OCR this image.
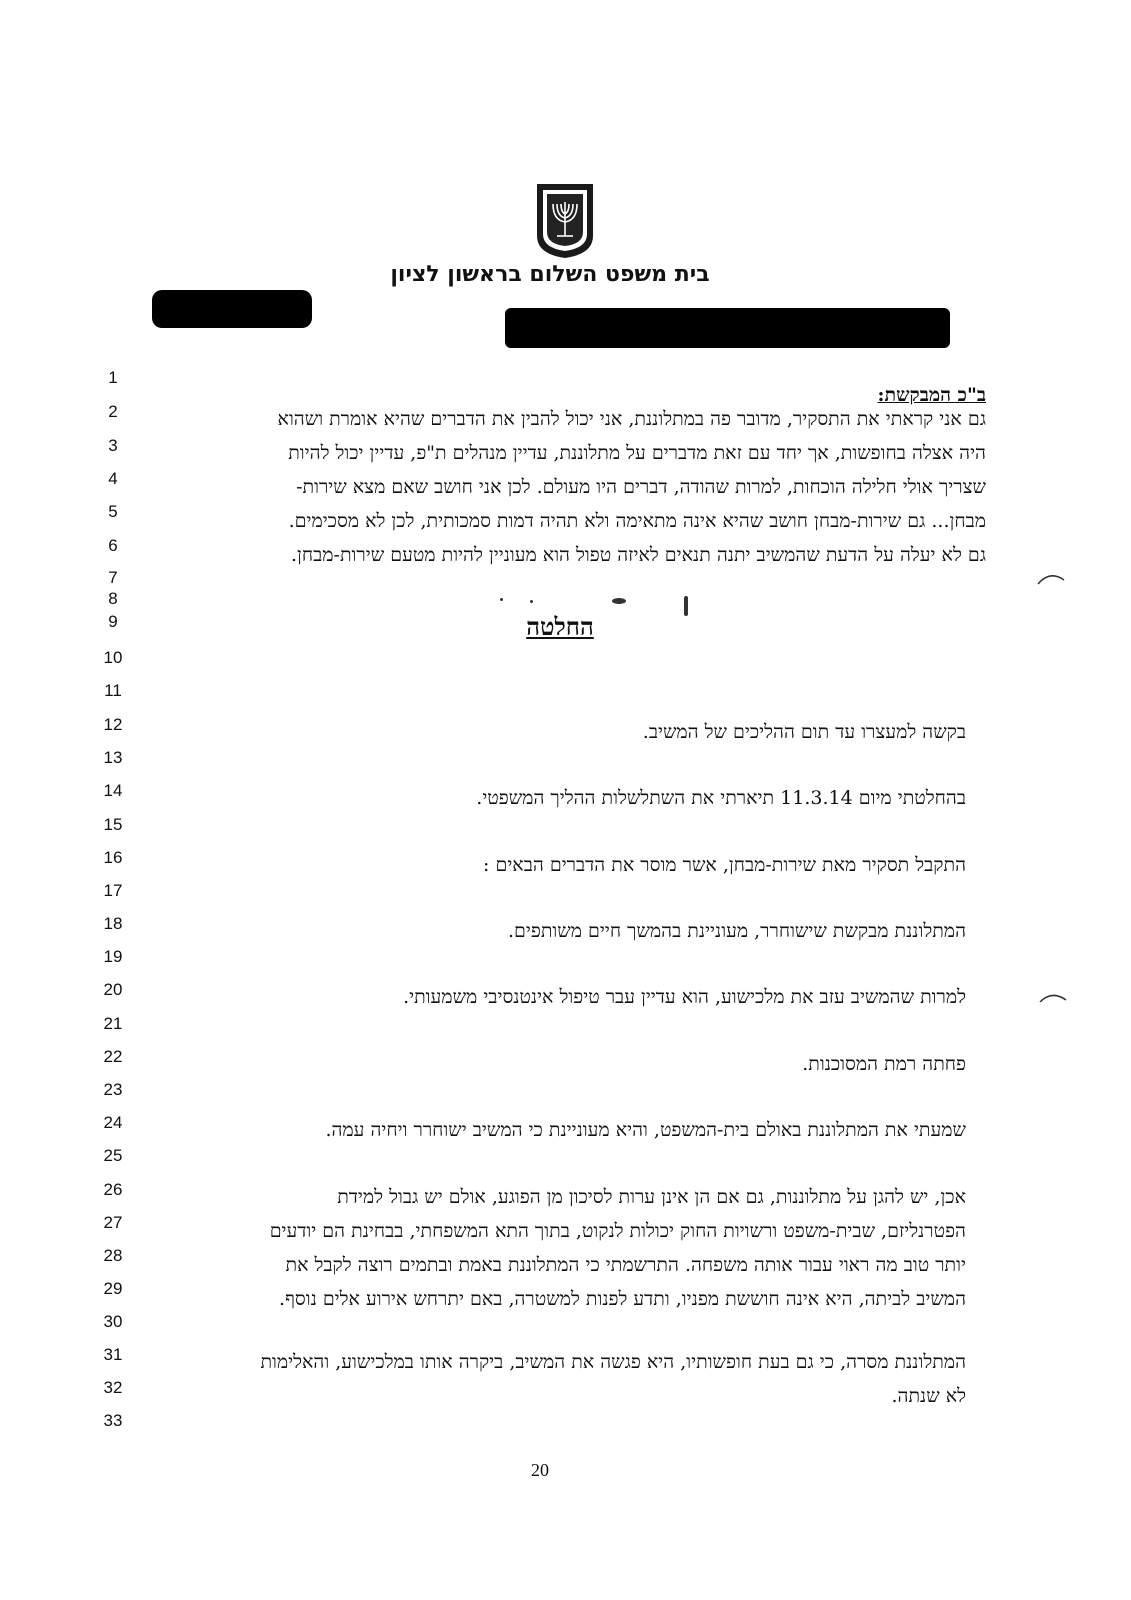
בית משפט השלום בראשון לציון
1
2
3
4
5
6
7
8
9
10
11
12
13
14
15
16
17
18
19
20
21
22
23
24
25
26
27
28
29
30
31
32
33
ב"כ המבקשת:
גם אני קראתי את התסקיר, מדובר פה במתלוננת, אני יכול להבין את הדברים שהיא אומרת ושהוא
היה אצלה בחופשות, אך יחד עם זאת מדברים על מתלוננת, עדיין מנהלים ת"פ, עדיין יכול להיות
שצריך אולי חלילה הוכחות, למרות שהודה, דברים היו מעולם. לכן אני חושב שאם מצא שירות-
מבחן... גם שירות-מבחן חושב שהיא אינה מתאימה ולא תהיה דמות סמכותית, לכן לא מסכימים.
גם לא יעלה על הדעת שהמשיב יתנה תנאים לאיזה טפול הוא מעוניין להיות מטעם שירות-מבחן.
החלטה
בקשה למעצרו עד תום ההליכים של המשיב.
בהחלטתי מיום 11.3.14 תיארתי את השתלשלות ההליך המשפטי.
התקבל תסקיר מאת שירות-מבחן, אשר מוסר את הדברים הבאים :
המתלוננת מבקשת שישוחרר, מעוניינת בהמשך חיים משותפים.
למרות שהמשיב עזב את מלכישוע, הוא עדיין עבר טיפול אינטנסיבי משמעותי.
פחתה רמת המסוכנות.
שמעתי את המתלוננת באולם בית-המשפט, והיא מעוניינת כי המשיב ישוחרר ויחיה עמה.
אכן, יש להגן על מתלוננות, גם אם הן אינן ערות לסיכון מן הפוגע, אולם יש גבול למידת
הפטרנליזם, שבית-משפט ורשויות החוק יכולות לנקוט, בתוך התא המשפחתי, בבחינת הם יודעים
יותר טוב מה ראוי עבור אותה משפחה. התרשמתי כי המתלוננת באמת ובתמים רוצה לקבל את
המשיב לביתה, היא אינה חוששת מפניו, ותדע לפנות למשטרה, באם יתרחש אירוע אלים נוסף.
המתלוננת מסרה, כי גם בעת חופשותיו, היא פגשה את המשיב, ביקרה אותו במלכישוע, והאלימות
לא שנתה.
20
